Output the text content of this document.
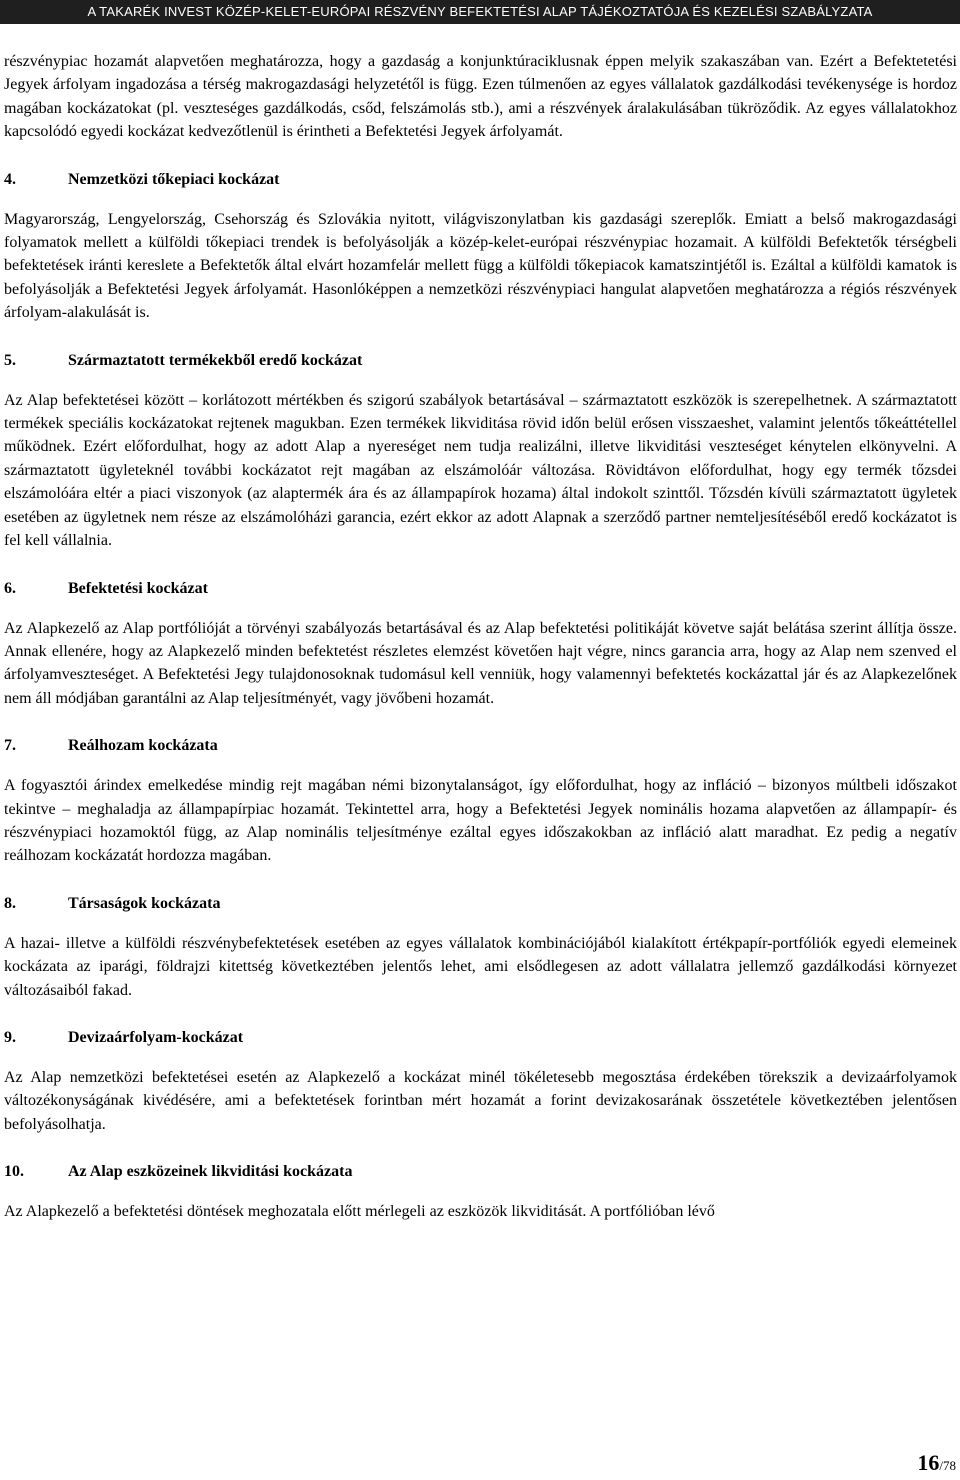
A TAKARÉK INVEST KÖZÉP-KELET-EURÓPAI RÉSZVÉNY BEFEKTETÉSI ALAP TÁJÉKOZTATÓJA ÉS KEZELÉSI SZABÁLYZATA

részvénypiac hozamát alapvetően meghatározza, hogy a gazdaság a konjunktúraciklusnak éppen melyik szakaszában van. Ezért a Befektetetési Jegyek árfolyam ingadozása a térség makrogazdasági helyzetétől is függ. Ezen túlmenően az egyes vállalatok gazdálkodási tevékenysége is hordoz magában kockázatokat (pl. veszteséges gazdálkodás, csőd, felszámolás stb.), ami a részvények áralakulásában tükröződik. Az egyes vállalatokhoz kapcsolódó egyedi kockázat kedvezőtlenül is érintheti a Befektetési Jegyek árfolyamát.

4.	Nemzetközi tőkepiaci kockázat

Magyarország, Lengyelország, Csehország és Szlovákia nyitott, világviszonylatban kis gazdasági szereplők. Emiatt a belső makrogazdasági folyamatok mellett a külföldi tőkepiaci trendek is befolyásolják a közép-kelet-európai részvénypiac hozamait. A külföldi Befektetők térségbeli befektetések iránti kereslete a Befektetők által elvárt hozamfelár mellett függ a külföldi tőkepiacok kamatszintjétől is. Ezáltal a külföldi kamatok is befolyásolják a Befektetési Jegyek árfolyamát. Hasonlóképpen a nemzetközi részvénypiaci hangulat alapvetően meghatározza a régiós részvények árfolyam-alakulását is.

5.	Származtatott termékekből eredő kockázat

Az Alap befektetései között – korlátozott mértékben és szigorú szabályok betartásával – származtatott eszközök is szerepelhetnek. A származtatott termékek speciális kockázatokat rejtenek magukban. Ezen termékek likviditása rövid időn belül erősen visszaeshet, valamint jelentős tőkeáttétellel működnek. Ezért előfordulhat, hogy az adott Alap a nyereséget nem tudja realizálni, illetve likviditási veszteséget kénytelen elkönyvelni. A származtatott ügyleteknél további kockázatot rejt magában az elszámolóár változása. Rövidtávon előfordulhat, hogy egy termék tőzsdei elszámolóára eltér a piaci viszonyok (az alaptermék ára és az állampapírok hozama) által indokolt szinttől. Tőzsdén kívüli származtatott ügyletek esetében az ügyletnek nem része az elszámolóházi garancia, ezért ekkor az adott Alapnak a szerződő partner nemteljesítéséből eredő kockázatot is fel kell vállalnia.

6.	Befektetési kockázat

Az Alapkezelő az Alap portfólióját a törvényi szabályozás betartásával és az Alap befektetési politikáját követve saját belátása szerint állítja össze. Annak ellenére, hogy az Alapkezelő minden befektetést részletes elemzést követően hajt végre, nincs garancia arra, hogy az Alap nem szenved el árfolyamveszteséget. A Befektetési Jegy tulajdonosoknak tudomásul kell venniük, hogy valamennyi befektetés kockázattal jár és az Alapkezelőnek nem áll módjában garantálni az Alap teljesítményét, vagy jövőbeni hozamát.

7.	Reálhozam kockázata

A fogyasztói árindex emelkedése mindig rejt magában némi bizonytalanságot, így előfordulhat, hogy az infláció – bizonyos múltbeli időszakot tekintve – meghaladja az állampapírpiac hozamát. Tekintettel arra, hogy a Befektetési Jegyek nominális hozama alapvetően az állampapír- és részvénypiaci hozamoktól függ, az Alap nominális teljesítménye ezáltal egyes időszakokban az infláció alatt maradhat. Ez pedig a negatív reálhozam kockázatát hordozza magában.

8.	Társaságok kockázata

A hazai- illetve a külföldi részvénybefektetések esetében az egyes vállalatok kombinációjából kialakított értékpapír-portfóliók egyedi elemeinek kockázata az iparági, földrajzi kitettség következtében jelentős lehet, ami elsődlegesen az adott vállalatra jellemző gazdálkodási környezet változásaiból fakad.

9.	Devizaárfolyam-kockázat

Az Alap nemzetközi befektetései esetén az Alapkezelő a kockázat minél tökéletesebb megosztása érdekében törekszik a devizaárfolyamok változékonyságának kivédésére, ami a befektetések forintban mért hozamát a forint devizakosarának összetétele következtében jelentősen befolyásolhatja.

10.	Az Alap eszközeinek likviditási kockázata

Az Alapkezelő a befektetési döntések meghozatala előtt mérlegeli az eszközök likviditását. A portfólióban lévő

16/78
